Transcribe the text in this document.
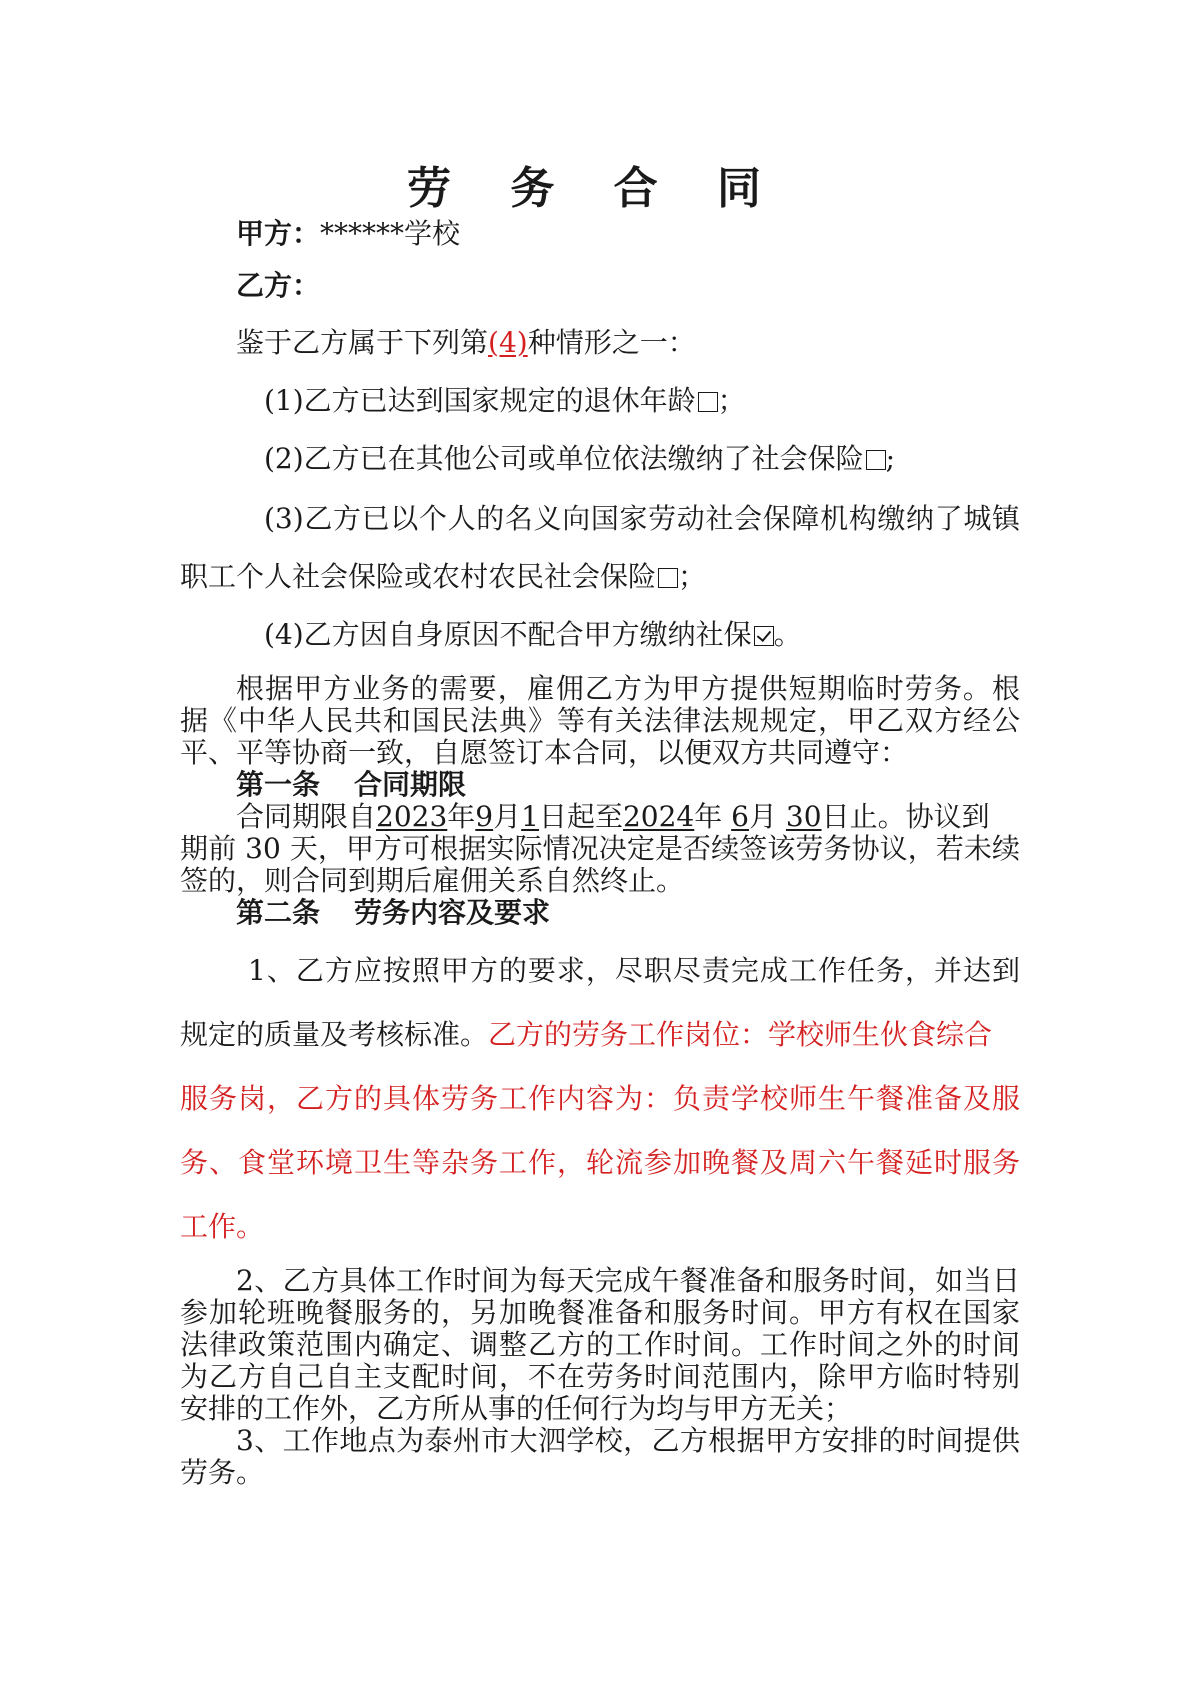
劳 务 合 同

甲方：******学校

乙方：

鉴于乙方属于下列第(4)种情形之一：

(1)乙方已达到国家规定的退休年龄 ；

(2)乙方已在其他公司或单位依法缴纳了社会保险 ;

(3)乙方已以个人的名义向国家劳动社会保障机构缴纳了城镇

职工个人社会保险或农村农民社会保险 ；

(4)乙方因自身原因不配合甲方缴纳社保 。

根据甲方业务的需要，雇佣乙方为甲方提供短期临时劳务。根

据《中华人民共和国民法典》等有关法律法规规定，甲乙双方经公

平、平等协商一致，自愿签订本合同，以便双方共同遵守：

第一条 合同期限

合同期限自2023年9月1日起至2024年 6月 30日止。协议到

期前 30 天，甲方可根据实际情况决定是否续签该劳务协议，若未续

签的，则合同到期后雇佣关系自然终止。

第二条 劳务内容及要求

1、乙方应按照甲方的要求，尽职尽责完成工作任务，并达到

规定的质量及考核标准。乙方的劳务工作岗位：学校师生伙食综合

服务岗，乙方的具体劳务工作内容为：负责学校师生午餐准备及服

务、食堂环境卫生等杂务工作，轮流参加晚餐及周六午餐延时服务

工作。

2、乙方具体工作时间为每天完成午餐准备和服务时间，如当日

参加轮班晚餐服务的，另加晚餐准备和服务时间。甲方有权在国家

法律政策范围内确定、调整乙方的工作时间。工作时间之外的时间

为乙方自己自主支配时间，不在劳务时间范围内，除甲方临时特别

安排的工作外，乙方所从事的任何行为均与甲方无关；

3、工作地点为泰州市大泗学校，乙方根据甲方安排的时间提供

劳务。
